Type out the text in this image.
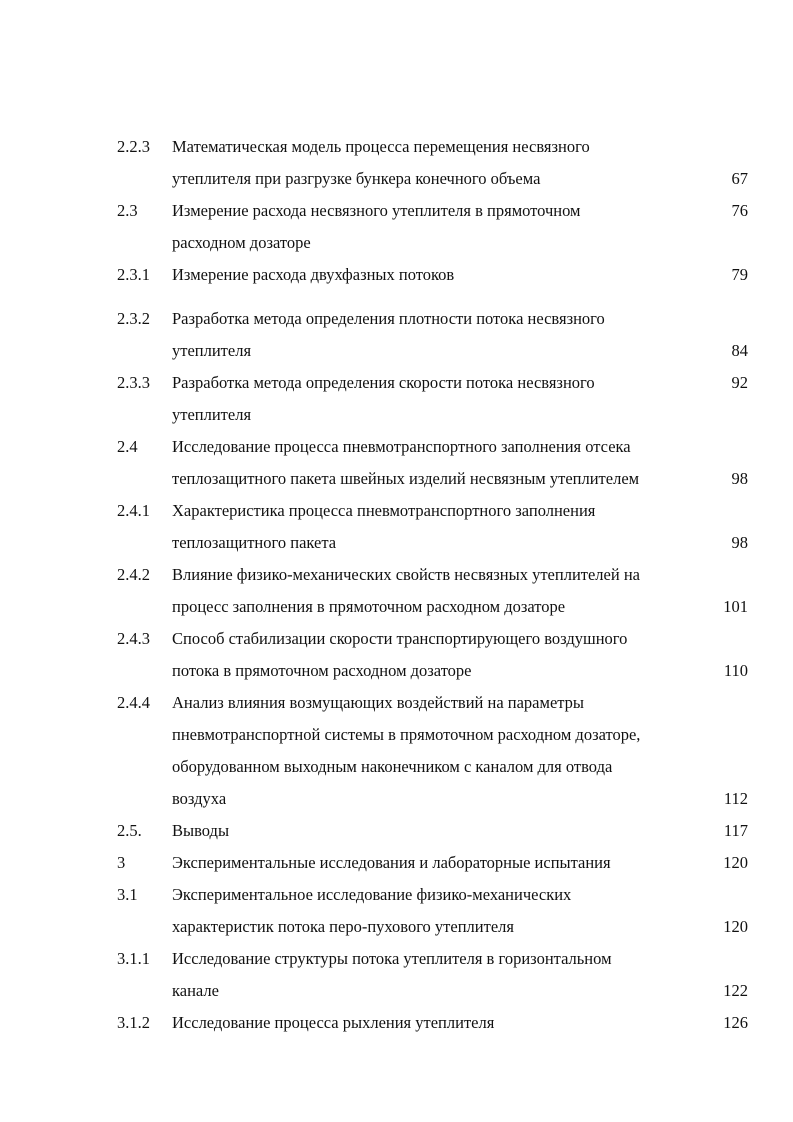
2.2.3 Математическая модель процесса перемещения несвязного
утеплителя при разгрузке бункера конечного объема	67
2.3 Измерение расхода несвязного утеплителя в прямоточном	76
расходном дозаторе
2.3.1 Измерение расхода двухфазных потоков	79
2.3.2 Разработка метода определения плотности потока несвязного
утеплителя	84
2.3.3 Разработка метода определения скорости потока несвязного	92
утеплителя
2.4 Исследование процесса пневмотранспортного заполнения отсека
теплозащитного пакета швейных изделий несвязным утеплителем	98
2.4.1 Характеристика процесса пневмотранспортного заполнения
теплозащитного пакета	98
2.4.2 Влияние физико-механических свойств несвязных утеплителей на
процесс заполнения в прямоточном расходном дозаторе	101
2.4.3 Способ стабилизации скорости транспортирующего воздушного
потока в прямоточном расходном дозаторе	110
2.4.4 Анализ влияния возмущающих воздействий на параметры
пневмотранспортной системы в прямоточном расходном дозаторе,
оборудованном выходным наконечником с каналом для отвода
воздуха	112
2.5. Выводы	117
3	Экспериментальные исследования и лабораторные испытания	120
3.1 Экспериментальное исследование физико-механических
характеристик потока перо-пухового утеплителя	120
3.1.1 Исследование структуры потока утеплителя в горизонтальном
канале	122
3.1.2 Исследование процесса рыхления утеплителя	126
